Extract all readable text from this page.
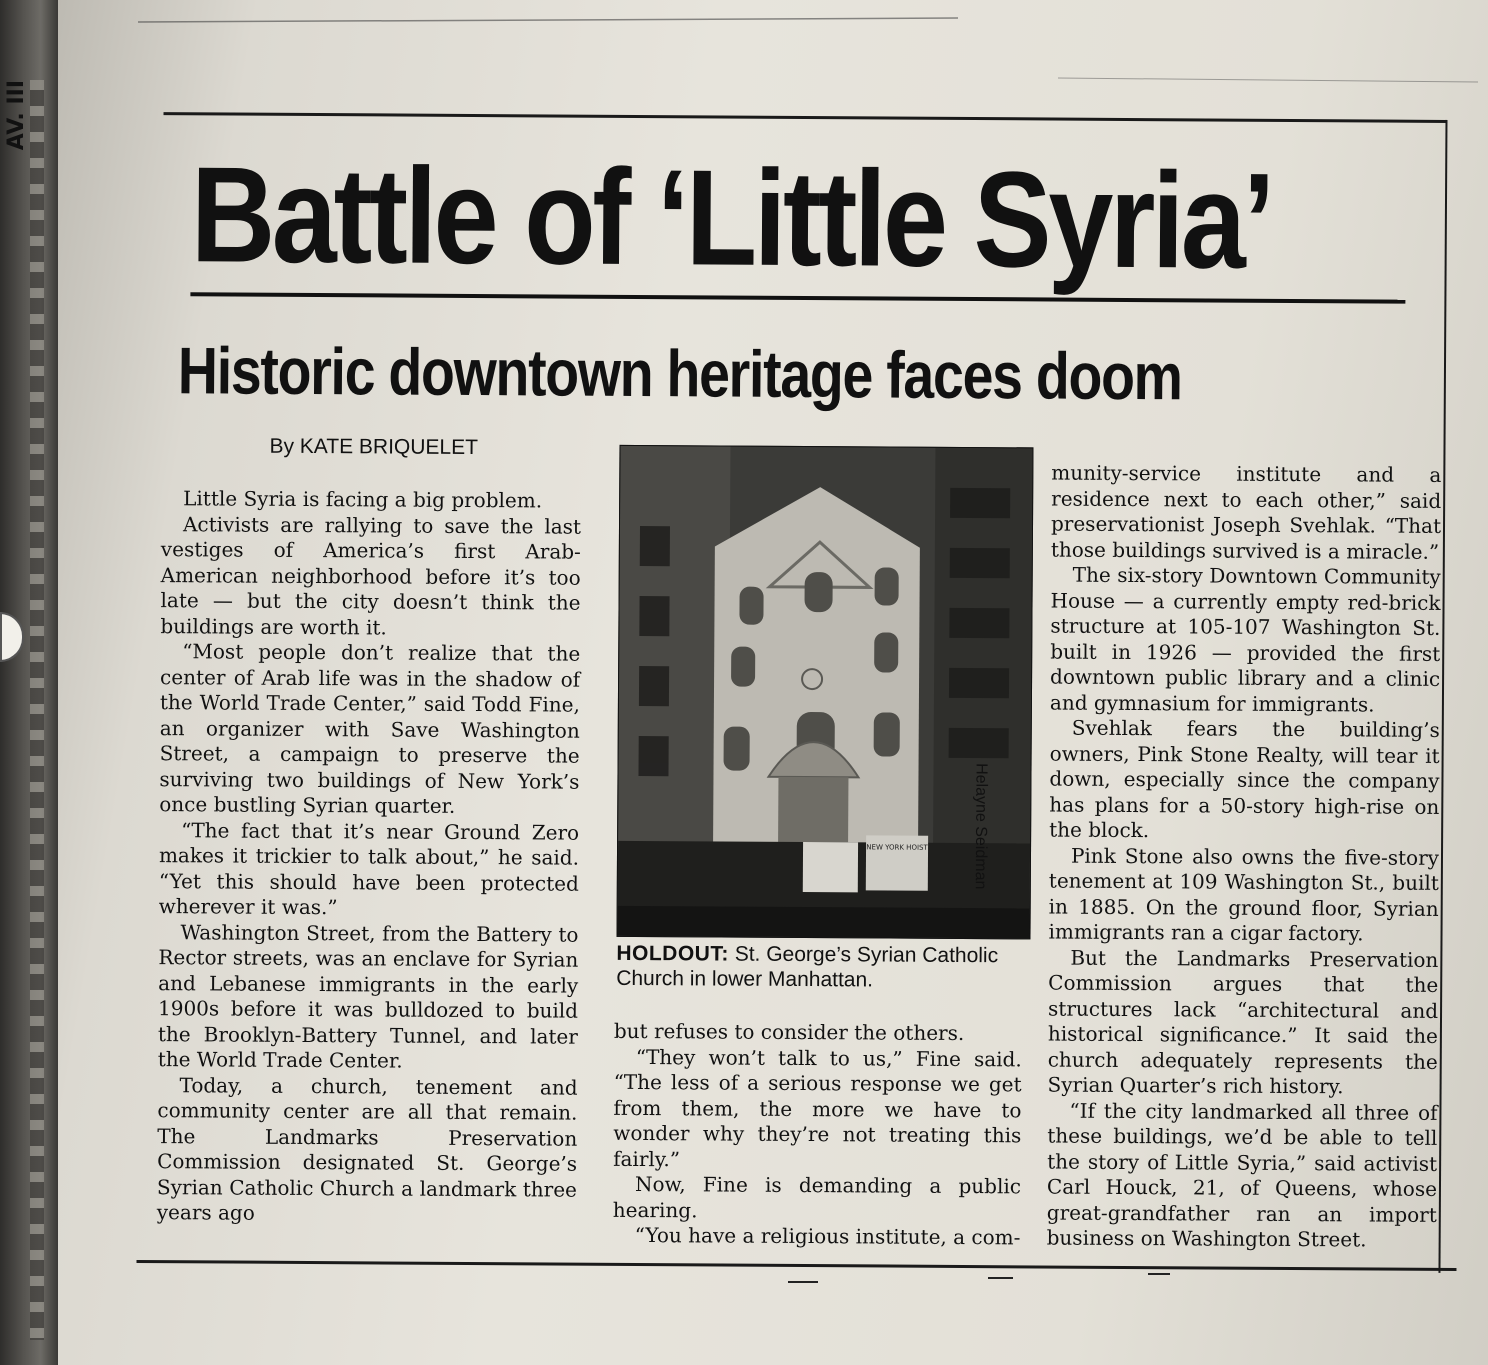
AV. III
Battle of ‘Little Syria’
Historic downtown heritage faces doom
By KATE BRIQUELET

Little Syria is facing a big problem.

Activists are rallying to save the last vestiges of America’s first Arab-American neighborhood before it’s too late — but the city doesn’t think the buildings are worth it.

“Most people don’t realize that the center of Arab life was in the shadow of the World Trade Center,” said Todd Fine, an organizer with Save Washington Street, a campaign to preserve the surviving two buildings of New York’s once bustling Syrian quarter.

“The fact that it’s near Ground Zero makes it trickier to talk about,” he said. “Yet this should have been protected wherever it was.”

Washington Street, from the Battery to Rector streets, was an enclave for Syrian and Lebanese immigrants in the early 1900s before it was bulldozed to build the Brooklyn-Battery Tunnel, and later the World Trade Center.

Today, a church, tenement and community center are all that remain. The Landmarks Preservation Commission designated St. George’s Syrian Catholic Church a landmark three years ago

NEW YORK HOIST	Helayne Seidman
HOLDOUT: St. George’s Syrian Catholic Church in lower Manhattan.

but refuses to consider the others.

“They won’t talk to us,” Fine said. “The less of a serious response we get from them, the more we have to wonder why they’re not treating this fairly.”

Now, Fine is demanding a public hearing.

“You have a religious institute, a com-

munity-service institute and a residence next to each other,” said preservationist Joseph Svehlak. “That those buildings survived is a miracle.”

The six-story Downtown Community House — a currently empty red-brick structure at 105-107 Washington St. built in 1926 — provided the first downtown public library and a clinic and gymnasium for immigrants.

Svehlak fears the building’s owners, Pink Stone Realty, will tear it down, especially since the company has plans for a 50-story high-rise on the block.

Pink Stone also owns the five-story tenement at 109 Washington St., built in 1885. On the ground floor, Syrian immigrants ran a cigar factory.

But the Landmarks Preservation Commission argues that the structures lack “architectural and historical significance.” It said the church adequately represents the Syrian Quarter’s rich history.

“If the city landmarked all three of these buildings, we’d be able to tell the story of Little Syria,” said activist Carl Houck, 21, of Queens, whose great-grandfather ran an import business on Washington Street.
